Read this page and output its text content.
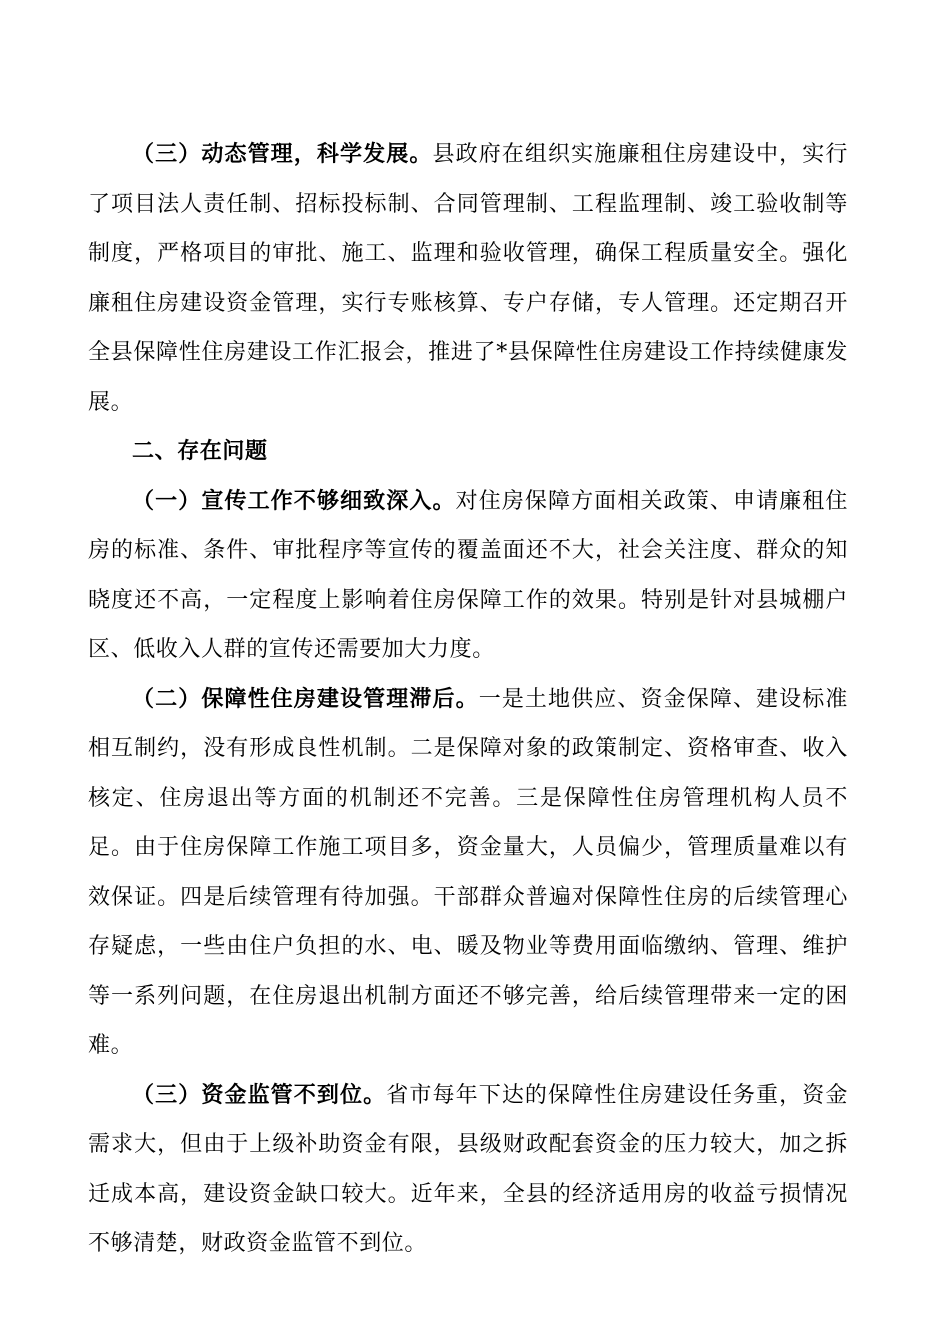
（三）动态管理，科学发展。县政府在组织实施廉租住房建设中，实行了项目法人责任制、招标投标制、合同管理制、工程监理制、竣工验收制等制度，严格项目的审批、施工、监理和验收管理，确保工程质量安全。强化廉租住房建设资金管理，实行专账核算、专户存储，专人管理。还定期召开全县保障性住房建设工作汇报会，推进了*县保障性住房建设工作持续健康发展。

二、存在问题

（一）宣传工作不够细致深入。对住房保障方面相关政策、申请廉租住房的标准、条件、审批程序等宣传的覆盖面还不大，社会关注度、群众的知晓度还不高，一定程度上影响着住房保障工作的效果。特别是针对县城棚户区、低收入人群的宣传还需要加大力度。

（二）保障性住房建设管理滞后。一是土地供应、资金保障、建设标准相互制约，没有形成良性机制。二是保障对象的政策制定、资格审查、收入核定、住房退出等方面的机制还不完善。三是保障性住房管理机构人员不足。由于住房保障工作施工项目多，资金量大，人员偏少，管理质量难以有效保证。四是后续管理有待加强。干部群众普遍对保障性住房的后续管理心存疑虑，一些由住户负担的水、电、暖及物业等费用面临缴纳、管理、维护等一系列问题，在住房退出机制方面还不够完善，给后续管理带来一定的困难。

（三）资金监管不到位。省市每年下达的保障性住房建设任务重，资金需求大，但由于上级补助资金有限，县级财政配套资金的压力较大，加之拆迁成本高，建设资金缺口较大。近年来，全县的经济适用房的收益亏损情况不够清楚，财政资金监管不到位。
